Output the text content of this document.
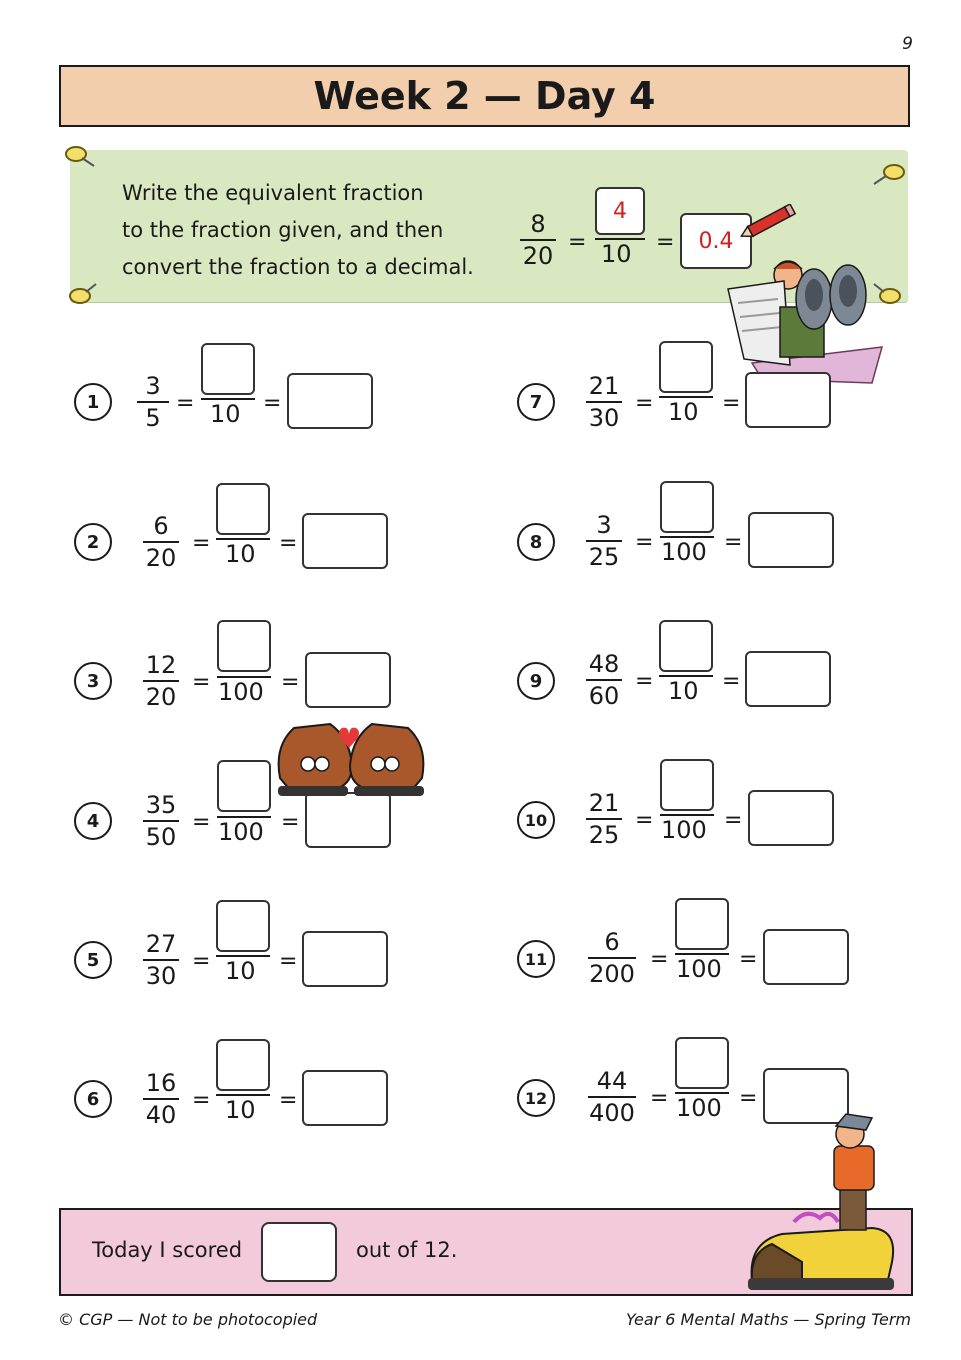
9
Week 2 — Day 4
Write the equivalent fraction
to the fraction given, and then
convert the fraction to a decimal.
8
20 =
4
10 = 0.4
1
3
5
= 10 =
2
6
20
= 10 =
3
12
20
= 100 =
4
35
50
= 100 =
5
27
30
= 10 =
6
16
40
= 10 =
7
21
30
= 10 =
8
3
25
= 100 =
9
48
60
= 10 =
10
21
25
= 100 =
11
6
200
= 100 =
12
44
400
= 100 =
Today I scored	out of 12.
© CGP — Not to be photocopied	Year 6 Mental Maths — Spring Term
